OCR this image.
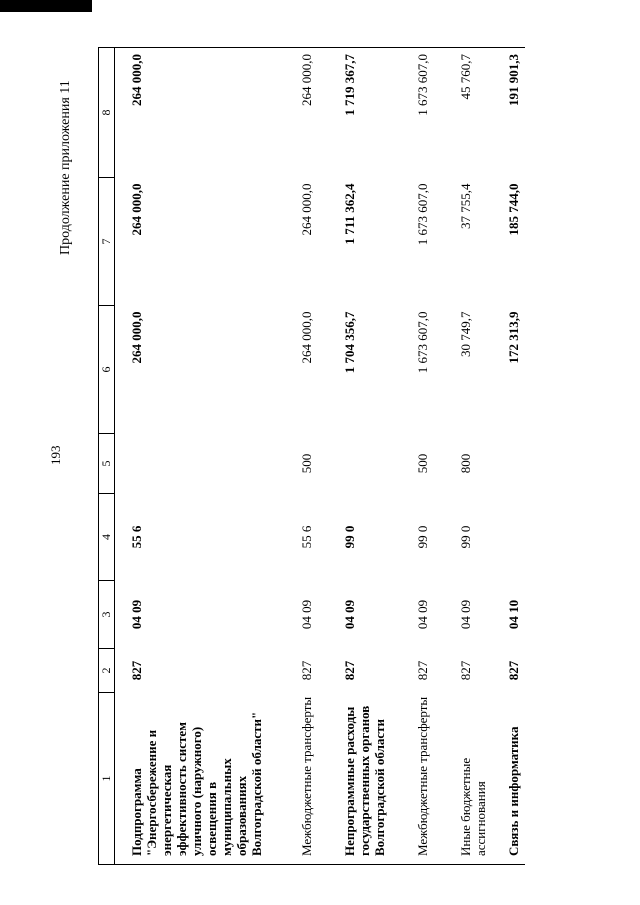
193
Продолжение приложения 11
1	2	3	4	5	6	7	8
Подпрограмма "Энергосбережение и энергетическая эффективность систем уличного (наружного) освещения в муниципальных образованиях Волгоградской области"	827	04 09	55 6		264 000,0	264 000,0	264 000,0
Межбюджетные трансферты	827	04 09	55 6	500	264 000,0	264 000,0	264 000,0
Непрограммные расходы государственных органов Волгоградской области	827	04 09	99 0		1 704 356,7	1 711 362,4	1 719 367,7
Межбюджетные трансферты	827	04 09	99 0	500	1 673 607,0	1 673 607,0	1 673 607,0
Иные бюджетные ассигнования	827	04 09	99 0	800	30 749,7	37 755,4	45 760,7
Связь и информатика	827	04 10			172 313,9	185 744,0	191 901,3
